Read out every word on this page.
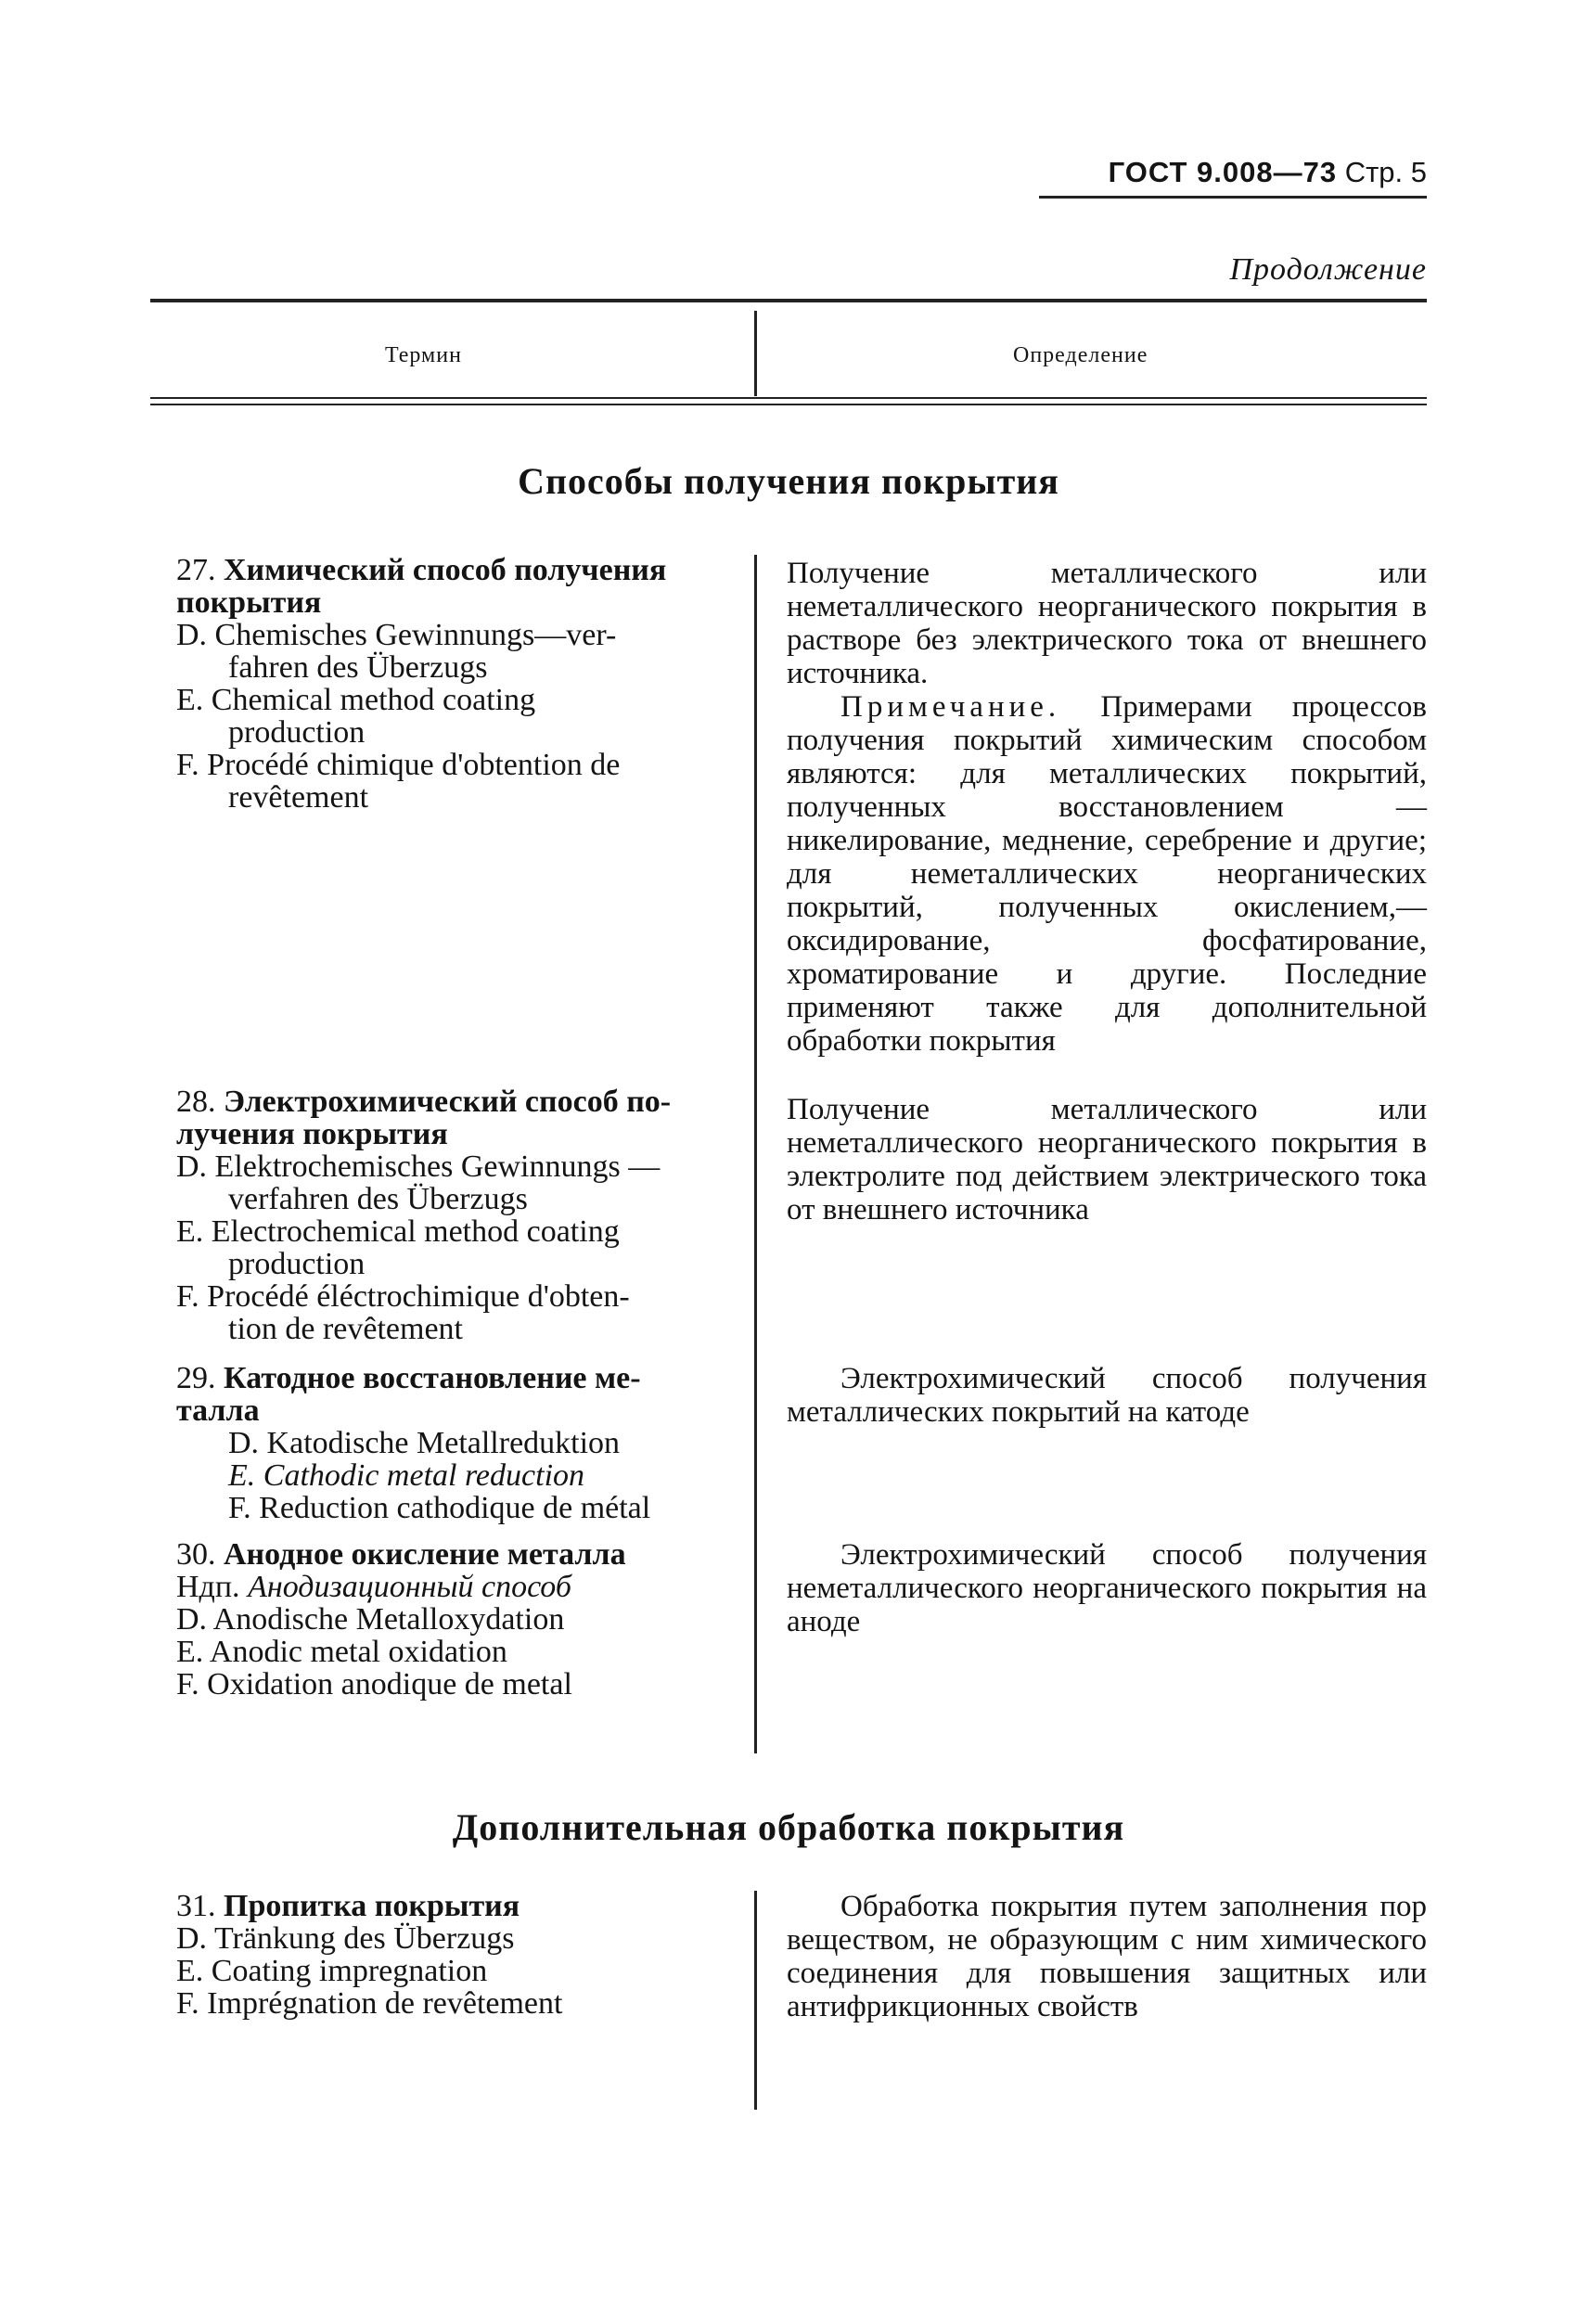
ГОСТ 9.008—73 Стр. 5
Продолжение
Термин	Определение
Способы получения покрытия
27. Химический способ получения
покрытия
D. Chemisches Gewinnungs—ver-
fahren des Überzugs
E. Chemical method coating
production
F. Procédé chimique d'obtention de
revêtement

Получение металлического или неметаллического неорганического покрытия в растворе без электрического тока от внешнего источника.

Примечание. Примерами процессов получения покрытий химическим способом являются: для металлических покрытий, полученных восстановлением — никелирование, меднение, серебрение и другие; для неметаллических неорганических покрытий, полученных окислением,— оксидирование, фосфатирование, хроматирование и другие. Последние применяют также для дополнительной обработки покрытия

28. Электрохимический способ по-
лучения покрытия
D. Elektrochemisches Gewinnungs —
verfahren des Überzugs
E. Electrochemical method coating
production
F. Procédé éléctrochimique d'obten-
tion de revêtement

Получение металлического или неметаллического неорганического покрытия в электролите под действием электрического тока от внешнего источника

29. Катодное восстановление ме-
талла
D. Katodische Metallreduktion
E. Cathodic metal reduction
F. Reduction cathodique de métal

Электрохимический способ получения металлических покрытий на катоде

30. Анодное окисление металла
Ндп. Анодизационный способ
D. Anodische Metalloxydation
E. Anodic metal oxidation
F. Oxidation anodique de metal

Электрохимический способ получения неметаллического неорганического покрытия на аноде

Дополнительная обработка покрытия
31. Пропитка покрытия
D. Tränkung des Überzugs
E. Coating impregnation
F. Imprégnation de revêtement

Обработка покрытия путем заполнения пор веществом, не образующим с ним химического соединения для повышения защитных или антифрикционных свойств
